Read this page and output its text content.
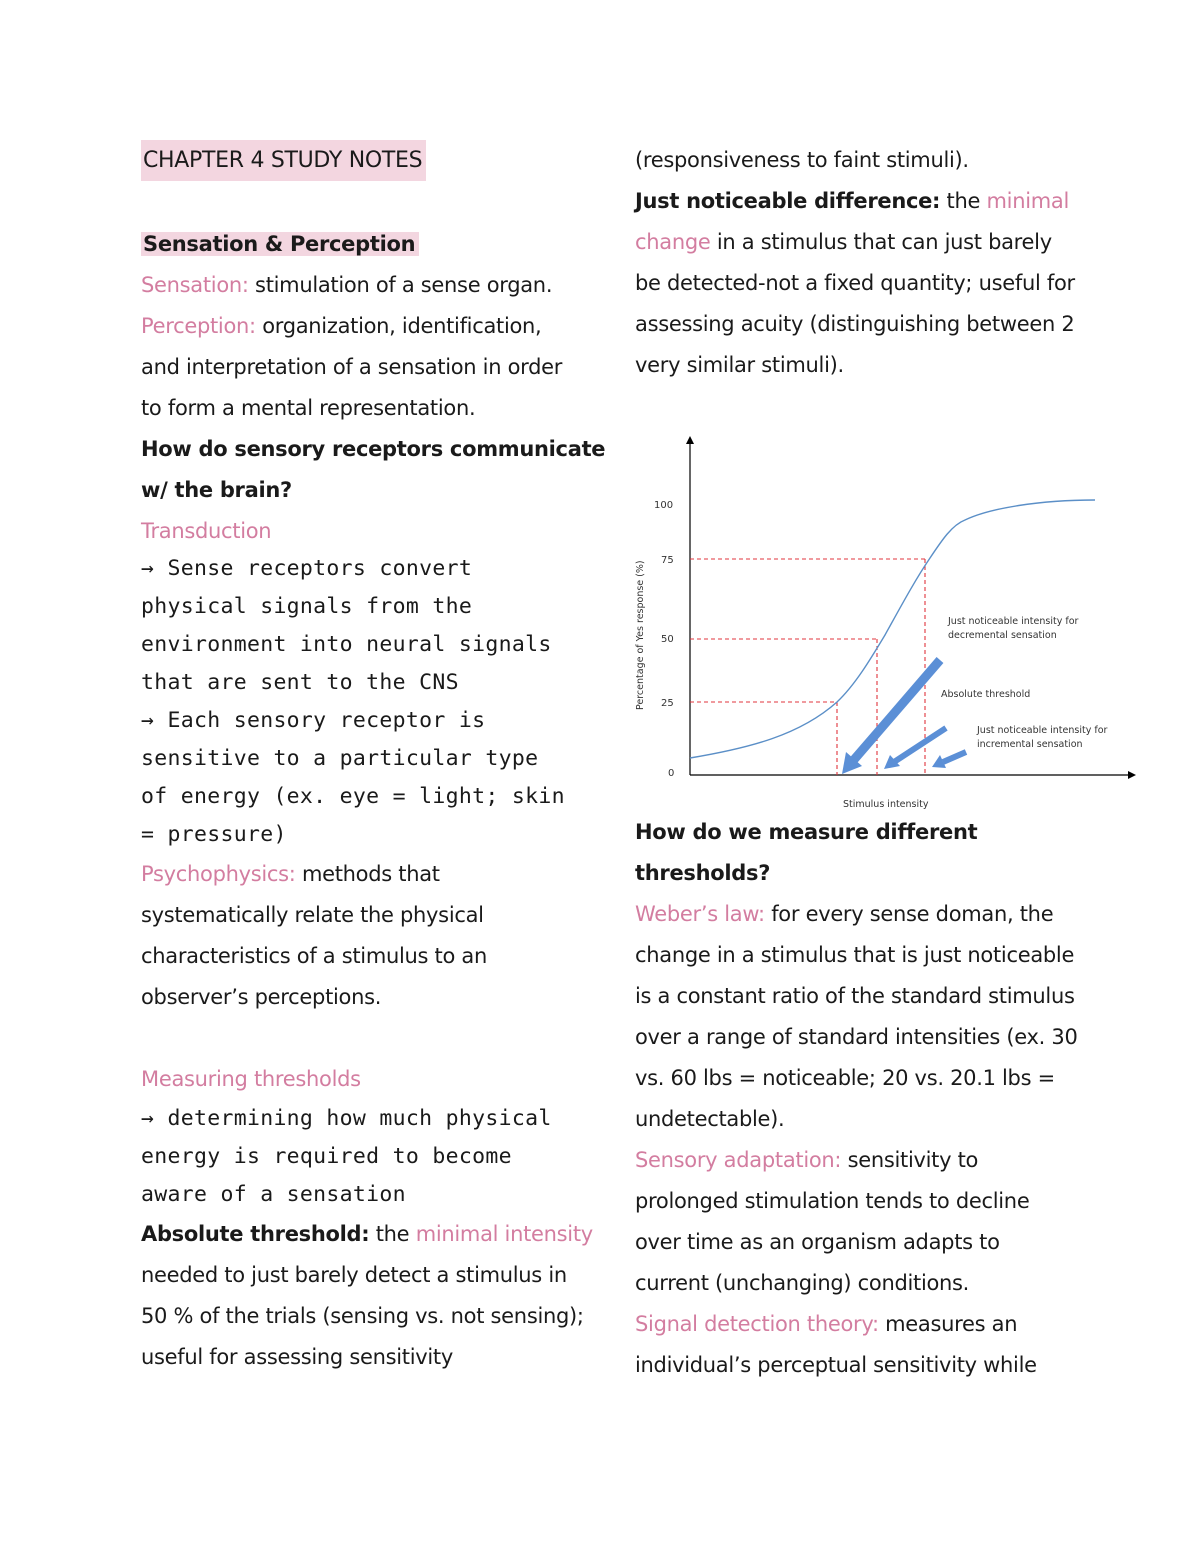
CHAPTER 4 STUDY NOTES

Sensation & Perception

Sensation: stimulation of a sense organ.

Perception: organization, identification,

and interpretation of a sensation in order

to form a mental representation.

How do sensory receptors communicate

w/ the brain?

Transduction

→ Sense receptors convert

physical signals from the

environment into neural signals

that are sent to the CNS

→ Each sensory receptor is

sensitive to a particular type

of energy (ex. eye = light; skin

= pressure)

Psychophysics: methods that

systematically relate the physical

characteristics of a stimulus to an

observer’s perceptions.

Measuring thresholds

→ determining how much physical

energy is required to become

aware of a sensation

Absolute threshold: the minimal intensity

needed to just barely detect a stimulus in

50 % of the trials (sensing vs. not sensing);

useful for assessing sensitivity

(responsiveness to faint stimuli).

Just noticeable difference: the minimal

change in a stimulus that can just barely

be detected-not a fixed quantity; useful for

assessing acuity (distinguishing between 2

very similar stimuli).

0
25
50
75
100
Percentage of Yes response (%)
Stimulus intensity
Just noticeable intensity for
decremental sensation
Absolute threshold
Just noticeable intensity for
incremental sensation

How do we measure different

thresholds?

Weber’s law: for every sense doman, the

change in a stimulus that is just noticeable

is a constant ratio of the standard stimulus

over a range of standard intensities (ex. 30

vs. 60 lbs = noticeable; 20 vs. 20.1 lbs =

undetectable).

Sensory adaptation: sensitivity to

prolonged stimulation tends to decline

over time as an organism adapts to

current (unchanging) conditions.

Signal detection theory: measures an

individual’s perceptual sensitivity while
